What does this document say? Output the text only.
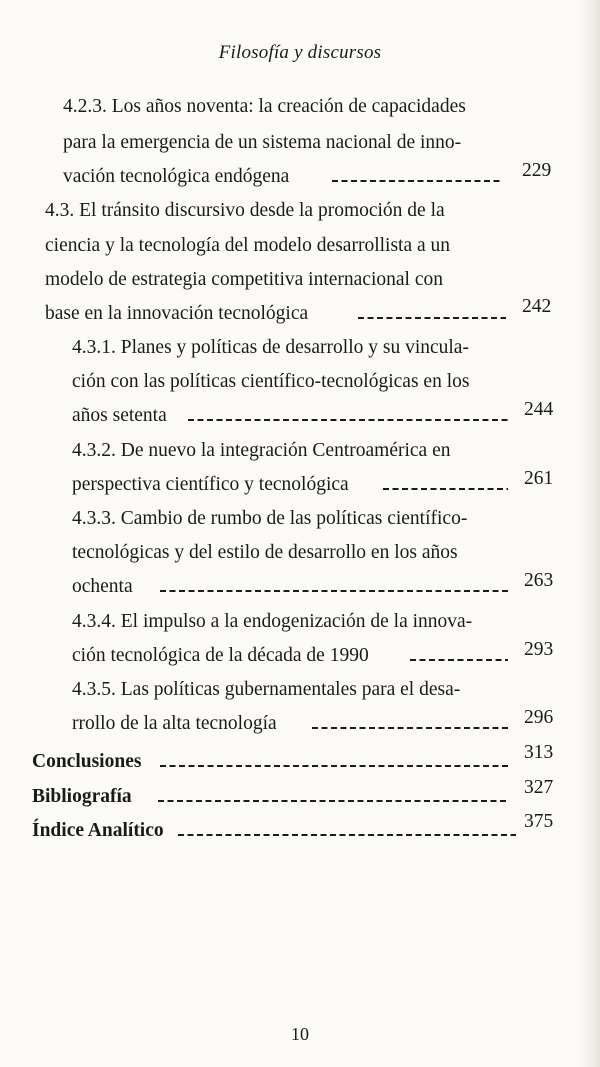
Filosofía y discursos
4.2.3. Los años noventa: la creación de capacidades
para la emergencia de un sistema nacional de inno-
vación tecnológica endógena	229
4.3. El tránsito discursivo desde la promoción de la
ciencia y la tecnología del modelo desarrollista a un
modelo de estrategia competitiva internacional con
base en la innovación tecnológica	242
4.3.1. Planes y políticas de desarrollo y su vincula-
ción con las políticas científico-tecnológicas en los
años setenta	244
4.3.2. De nuevo la integración Centroamérica en
perspectiva científico y tecnológica	261
4.3.3. Cambio de rumbo de las políticas científico-
tecnológicas y del estilo de desarrollo en los años
ochenta	263
4.3.4. El impulso a la endogenización de la innova-
ción tecnológica de la década de 1990	293
4.3.5. Las políticas gubernamentales para el desa-
rrollo de la alta tecnología	296
Conclusiones	313
Bibliografía	327
Índice Analítico	375
10
